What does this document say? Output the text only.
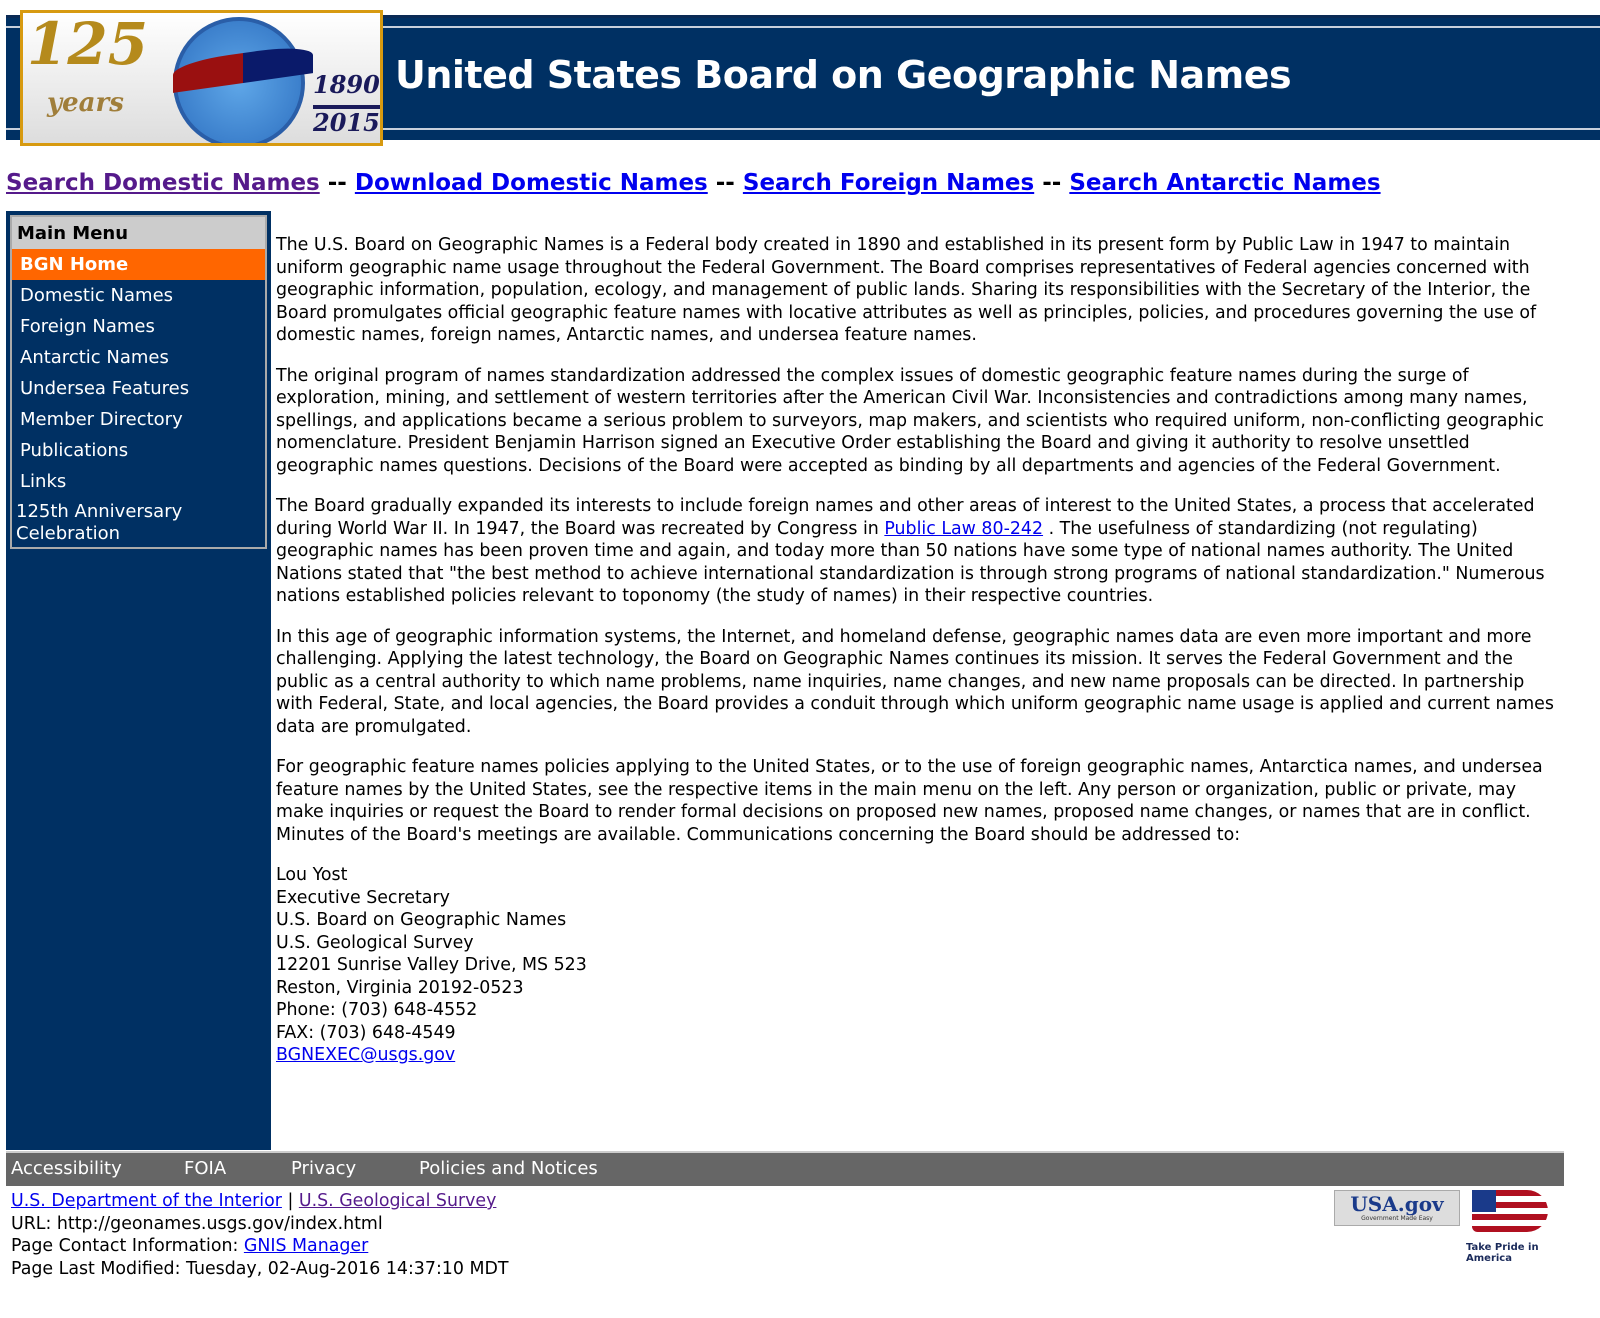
125
years
1890
2015
United States Board on Geographic Names
Search Domestic Names -- Download Domestic Names -- Search Foreign Names -- Search Antarctic Names
Main Menu
BGN Home
Domestic Names
Foreign Names
Antarctic Names
Undersea Features
Member Directory
Publications
Links
125th Anniversary Celebration

The U.S. Board on Geographic Names is a Federal body created in 1890 and established in its present form by Public Law in 1947 to maintain uniform geographic name usage throughout the Federal Government. The Board comprises representatives of Federal agencies concerned with geographic information, population, ecology, and management of public lands. Sharing its responsibilities with the Secretary of the Interior, the Board promulgates official geographic feature names with locative attributes as well as principles, policies, and procedures governing the use of domestic names, foreign names, Antarctic names, and undersea feature names.

The original program of names standardization addressed the complex issues of domestic geographic feature names during the surge of exploration, mining, and settlement of western territories after the American Civil War. Inconsistencies and contradictions among many names, spellings, and applications became a serious problem to surveyors, map makers, and scientists who required uniform, non-conflicting geographic nomenclature. President Benjamin Harrison signed an Executive Order establishing the Board and giving it authority to resolve unsettled geographic names questions. Decisions of the Board were accepted as binding by all departments and agencies of the Federal Government.

The Board gradually expanded its interests to include foreign names and other areas of interest to the United States, a process that accelerated during World War II. In 1947, the Board was recreated by Congress in Public Law 80-242 . The usefulness of standardizing (not regulating) geographic names has been proven time and again, and today more than 50 nations have some type of national names authority. The United Nations stated that "the best method to achieve international standardization is through strong programs of national standardization." Numerous nations established policies relevant to toponomy (the study of names) in their respective countries.

In this age of geographic information systems, the Internet, and homeland defense, geographic names data are even more important and more challenging. Applying the latest technology, the Board on Geographic Names continues its mission. It serves the Federal Government and the public as a central authority to which name problems, name inquiries, name changes, and new name proposals can be directed. In partnership with Federal, State, and local agencies, the Board provides a conduit through which uniform geographic name usage is applied and current names data are promulgated.

For geographic feature names policies applying to the United States, or to the use of foreign geographic names, Antarctica names, and undersea feature names by the United States, see the respective items in the main menu on the left. Any person or organization, public or private, may make inquiries or request the Board to render formal decisions on proposed new names, proposed name changes, or names that are in conflict. Minutes of the Board's meetings are available. Communications concerning the Board should be addressed to:

Lou Yost
Executive Secretary
U.S. Board on Geographic Names
U.S. Geological Survey
12201 Sunrise Valley Drive, MS 523
Reston, Virginia 20192-0523
Phone: (703) 648-4552
FAX: (703) 648-4549
BGNEXEC@usgs.gov
Accessibility	FOIA	Privacy	Policies and Notices
U.S. Department of the Interior | U.S. Geological Survey
URL: http://geonames.usgs.gov/index.html
Page Contact Information: GNIS Manager
Page Last Modified: Tuesday, 02-Aug-2016 14:37:10 MDT
USA.gov
Government Made Easy
Take Pride in America
